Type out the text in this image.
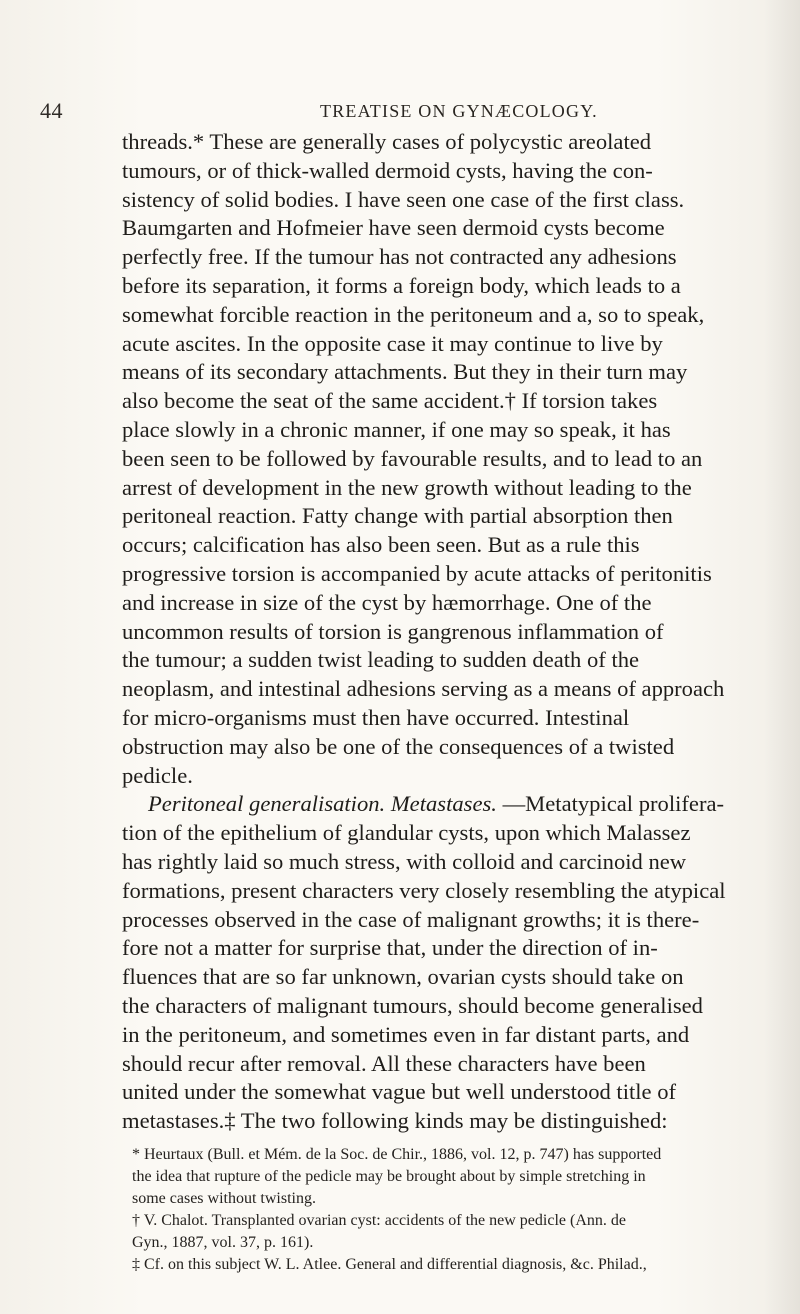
44	TREATISE ON GYNÆCOLOGY.
threads.* These are generally cases of polycystic areolated
tumours, or of thick-walled dermoid cysts, having the con-
sistency of solid bodies. I have seen one case of the first class.
Baumgarten and Hofmeier have seen dermoid cysts become
perfectly free. If the tumour has not contracted any adhesions
before its separation, it forms a foreign body, which leads to a
somewhat forcible reaction in the peritoneum and a, so to speak,
acute ascites. In the opposite case it may continue to live by
means of its secondary attachments. But they in their turn may
also become the seat of the same accident.† If torsion takes
place slowly in a chronic manner, if one may so speak, it has
been seen to be followed by favourable results, and to lead to an
arrest of development in the new growth without leading to the
peritoneal reaction. Fatty change with partial absorption then
occurs; calcification has also been seen. But as a rule this
progressive torsion is accompanied by acute attacks of peritonitis
and increase in size of the cyst by hæmorrhage. One of the
uncommon results of torsion is gangrenous inflammation of
the tumour; a sudden twist leading to sudden death of the
neoplasm, and intestinal adhesions serving as a means of approach
for micro-organisms must then have occurred. Intestinal
obstruction may also be one of the consequences of a twisted
pedicle.
Peritoneal generalisation. Metastases. —Metatypical prolifera-
tion of the epithelium of glandular cysts, upon which Malassez
has rightly laid so much stress, with colloid and carcinoid new
formations, present characters very closely resembling the atypical
processes observed in the case of malignant growths; it is there-
fore not a matter for surprise that, under the direction of in-
fluences that are so far unknown, ovarian cysts should take on
the characters of malignant tumours, should become generalised
in the peritoneum, and sometimes even in far distant parts, and
should recur after removal. All these characters have been
united under the somewhat vague but well understood title of
metastases.‡ The two following kinds may be distinguished:
* Heurtaux (Bull. et Mém. de la Soc. de Chir., 1886, vol. 12, p. 747) has supported
the idea that rupture of the pedicle may be brought about by simple stretching in
some cases without twisting.
† V. Chalot. Transplanted ovarian cyst: accidents of the new pedicle (Ann. de
Gyn., 1887, vol. 37, p. 161).
‡ Cf. on this subject W. L. Atlee. General and differential diagnosis, &c. Philad.,
